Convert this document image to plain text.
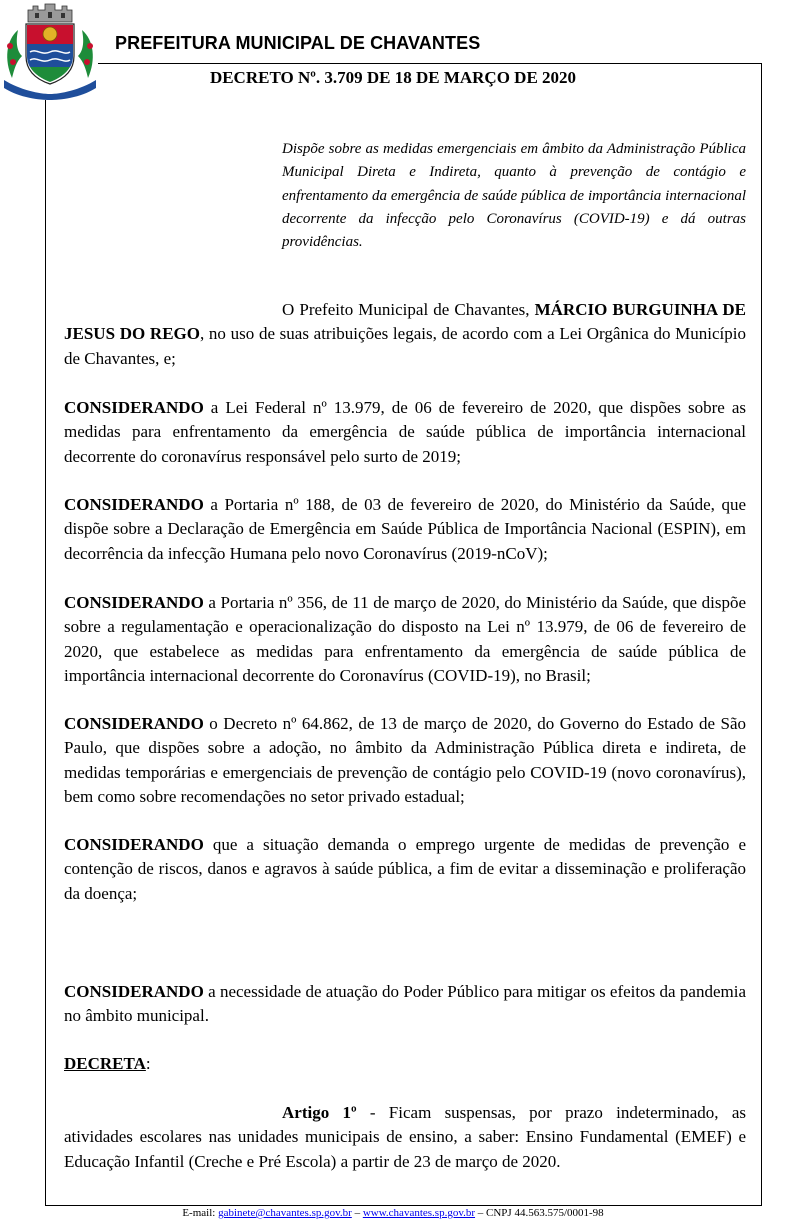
PREFEITURA MUNICIPAL DE CHAVANTES
DECRETO Nº. 3.709 DE 18 DE MARÇO DE 2020
Dispõe sobre as medidas emergenciais em âmbito da Administração Pública Municipal Direta e Indireta, quanto à prevenção de contágio e enfrentamento da emergência de saúde pública de importância internacional decorrente da infecção pelo Coronavírus (COVID-19) e dá outras providências.

O Prefeito Municipal de Chavantes, MÁRCIO BURGUINHA DE JESUS DO REGO, no uso de suas atribuições legais, de acordo com a Lei Orgânica do Município de Chavantes, e;

CONSIDERANDO a Lei Federal nº 13.979, de 06 de fevereiro de 2020, que dispões sobre as medidas para enfrentamento da emergência de saúde pública de importância internacional decorrente do coronavírus responsável pelo surto de 2019;

CONSIDERANDO a Portaria nº 188, de 03 de fevereiro de 2020, do Ministério da Saúde, que dispõe sobre a Declaração de Emergência em Saúde Pública de Importância Nacional (ESPIN), em decorrência da infecção Humana pelo novo Coronavírus (2019-nCoV);

CONSIDERANDO a Portaria nº 356, de 11 de março de 2020, do Ministério da Saúde, que dispõe sobre a regulamentação e operacionalização do disposto na Lei nº 13.979, de 06 de fevereiro de 2020, que estabelece as medidas para enfrentamento da emergência de saúde pública de importância internacional decorrente do Coronavírus (COVID-19), no Brasil;

CONSIDERANDO o Decreto nº 64.862, de 13 de março de 2020, do Governo do Estado de São Paulo, que dispões sobre a adoção, no âmbito da Administração Pública direta e indireta, de medidas temporárias e emergenciais de prevenção de contágio pelo COVID-19 (novo coronavírus), bem como sobre recomendações no setor privado estadual;

CONSIDERANDO que a situação demanda o emprego urgente de medidas de prevenção e contenção de riscos, danos e agravos à saúde pública, a fim de evitar a disseminação e proliferação da doença;

CONSIDERANDO a necessidade de atuação do Poder Público para mitigar os efeitos da pandemia no âmbito municipal.

DECRETA:

Artigo 1º - Ficam suspensas, por prazo indeterminado, as atividades escolares nas unidades municipais de ensino, a saber: Ensino Fundamental (EMEF) e Educação Infantil (Creche e Pré Escola) a partir de 23 de março de 2020.

E-mail: gabinete@chavantes.sp.gov.br – www.chavantes.sp.gov.br – CNPJ 44.563.575/0001-98
